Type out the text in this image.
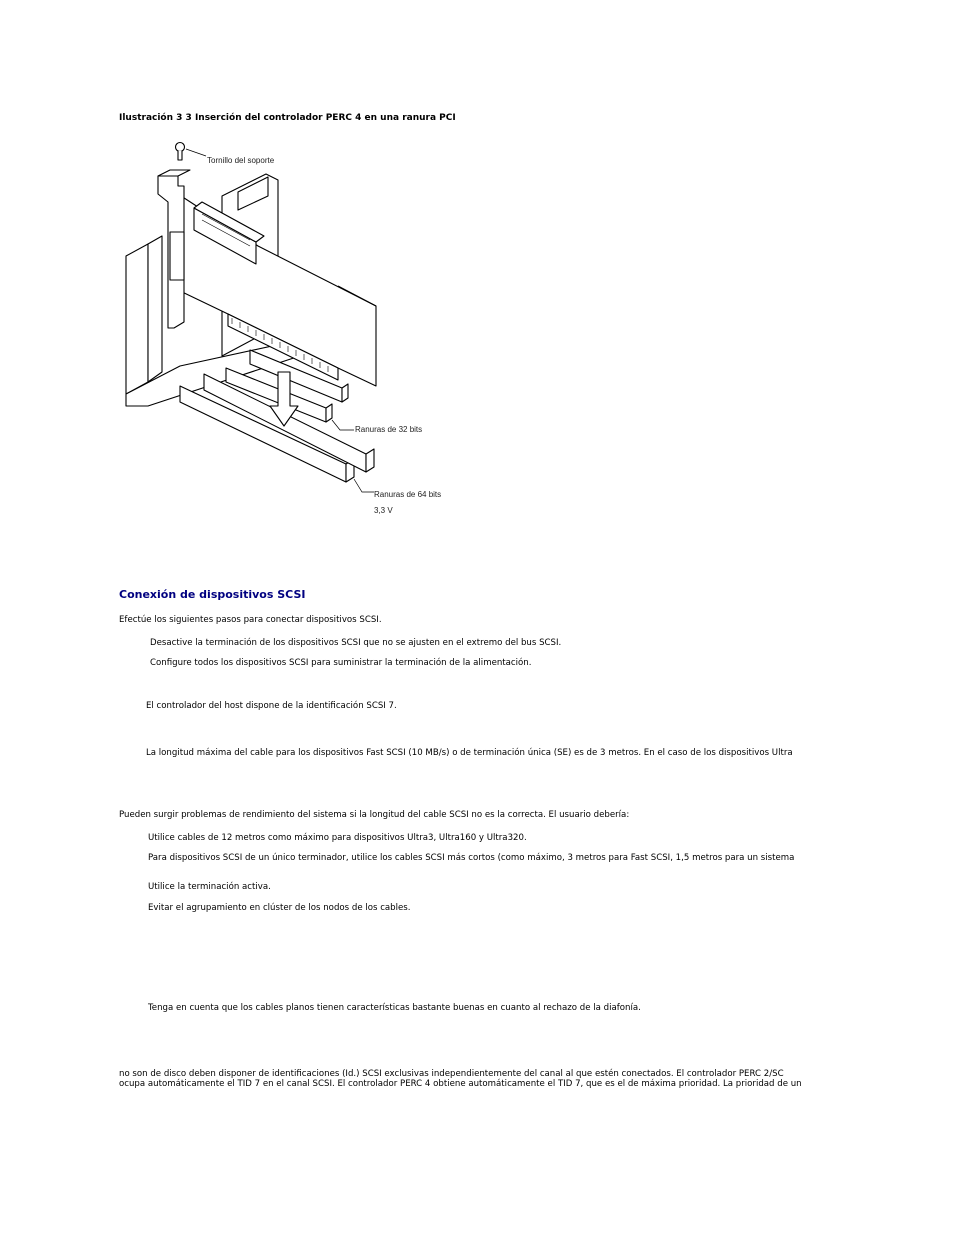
Ilustración 3 3 Inserción del controlador PERC 4 en una ranura PCI
Tornillo del soporte
Ranuras de 32 bits
Ranuras de 64 bits
3,3 V
Conexión de dispositivos SCSI
Efectúe los siguientes pasos para conectar dispositivos SCSI.
Desactive la terminación de los dispositivos SCSI que no se ajusten en el extremo del bus SCSI.
Configure todos los dispositivos SCSI para suministrar la terminación de la alimentación.
El controlador del host dispone de la identificación SCSI 7.
La longitud máxima del cable para los dispositivos Fast SCSI (10 MB/s) o de terminación única (SE) es de 3 metros. En el caso de los dispositivos Ultra
Pueden surgir problemas de rendimiento del sistema si la longitud del cable SCSI no es la correcta. El usuario debería:
Utilice cables de 12 metros como máximo para dispositivos Ultra3, Ultra160 y Ultra320.
Para dispositivos SCSI de un único terminador, utilice los cables SCSI más cortos (como máximo, 3 metros para Fast SCSI, 1,5 metros para un sistema
Utilice la terminación activa.
Evitar el agrupamiento en clúster de los nodos de los cables.
Tenga en cuenta que los cables planos tienen características bastante buenas en cuanto al rechazo de la diafonía.
no son de disco deben disponer de identificaciones (Id.) SCSI exclusivas independientemente del canal al que estén conectados. El controlador PERC 2/SC
ocupa automáticamente el TID 7 en el canal SCSI. El controlador PERC 4 obtiene automáticamente el TID 7, que es el de máxima prioridad. La prioridad de un
